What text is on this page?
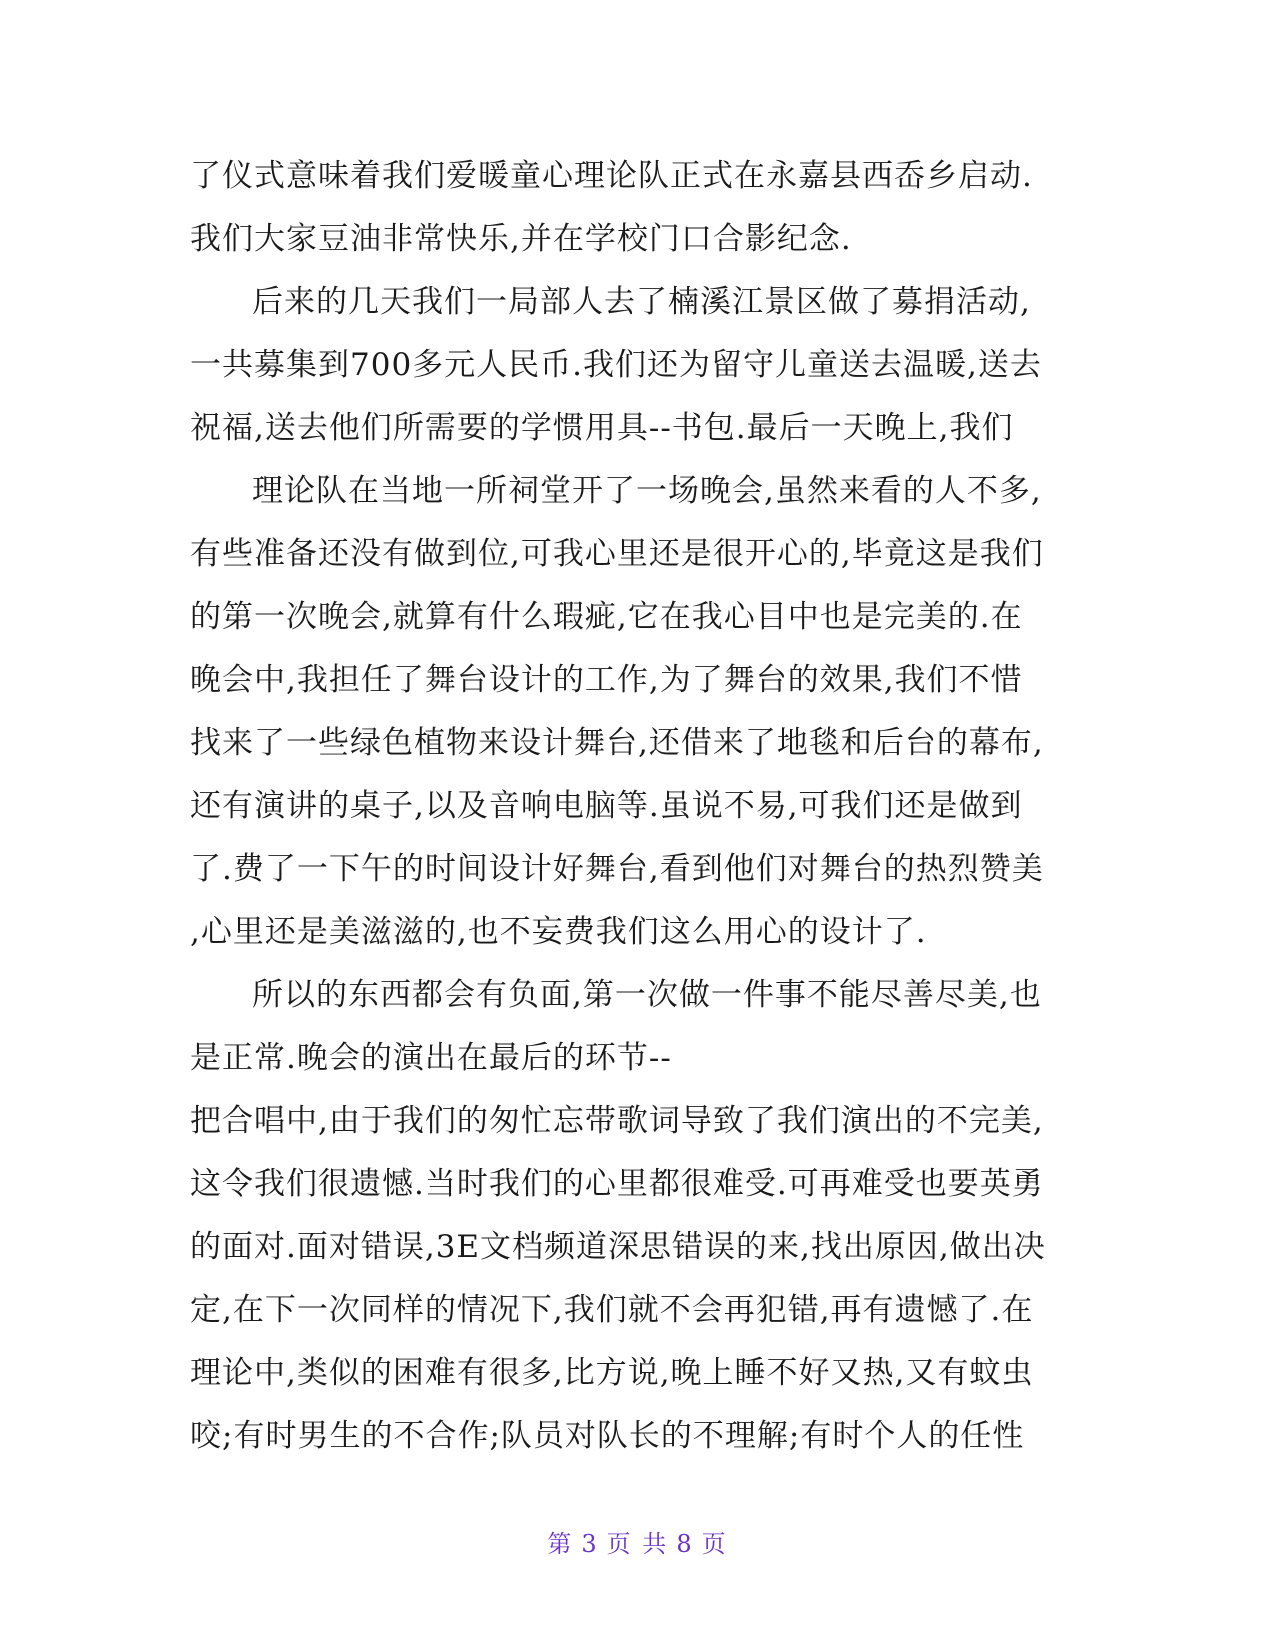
了仪式意味着我们爱暖童心理论队正式在永嘉县西岙乡启动.
我们大家豆油非常快乐,并在学校门口合影纪念.
后来的几天我们一局部人去了楠溪江景区做了募捐活动,
一共募集到700多元人民币.我们还为留守儿童送去温暖,送去
祝福,送去他们所需要的学惯用具--书包.最后一天晚上,我们
理论队在当地一所祠堂开了一场晚会,虽然来看的人不多,
有些准备还没有做到位,可我心里还是很开心的,毕竟这是我们
的第一次晚会,就算有什么瑕疵,它在我心目中也是完美的.在
晚会中,我担任了舞台设计的工作,为了舞台的效果,我们不惜
找来了一些绿色植物来设计舞台,还借来了地毯和后台的幕布,
还有演讲的桌子,以及音响电脑等.虽说不易,可我们还是做到
了.费了一下午的时间设计好舞台,看到他们对舞台的热烈赞美
,心里还是美滋滋的,也不妄费我们这么用心的设计了.
所以的东西都会有负面,第一次做一件事不能尽善尽美,也
是正常.晚会的演出在最后的环节--
把合唱中,由于我们的匆忙忘带歌词导致了我们演出的不完美,
这令我们很遗憾.当时我们的心里都很难受.可再难受也要英勇
的面对.面对错误,3E文档频道深思错误的来,找出原因,做出决
定,在下一次同样的情况下,我们就不会再犯错,再有遗憾了.在
理论中,类似的困难有很多,比方说,晚上睡不好又热,又有蚊虫
咬;有时男生的不合作;队员对队长的不理解;有时个人的任性
第 3 页 共 8 页
